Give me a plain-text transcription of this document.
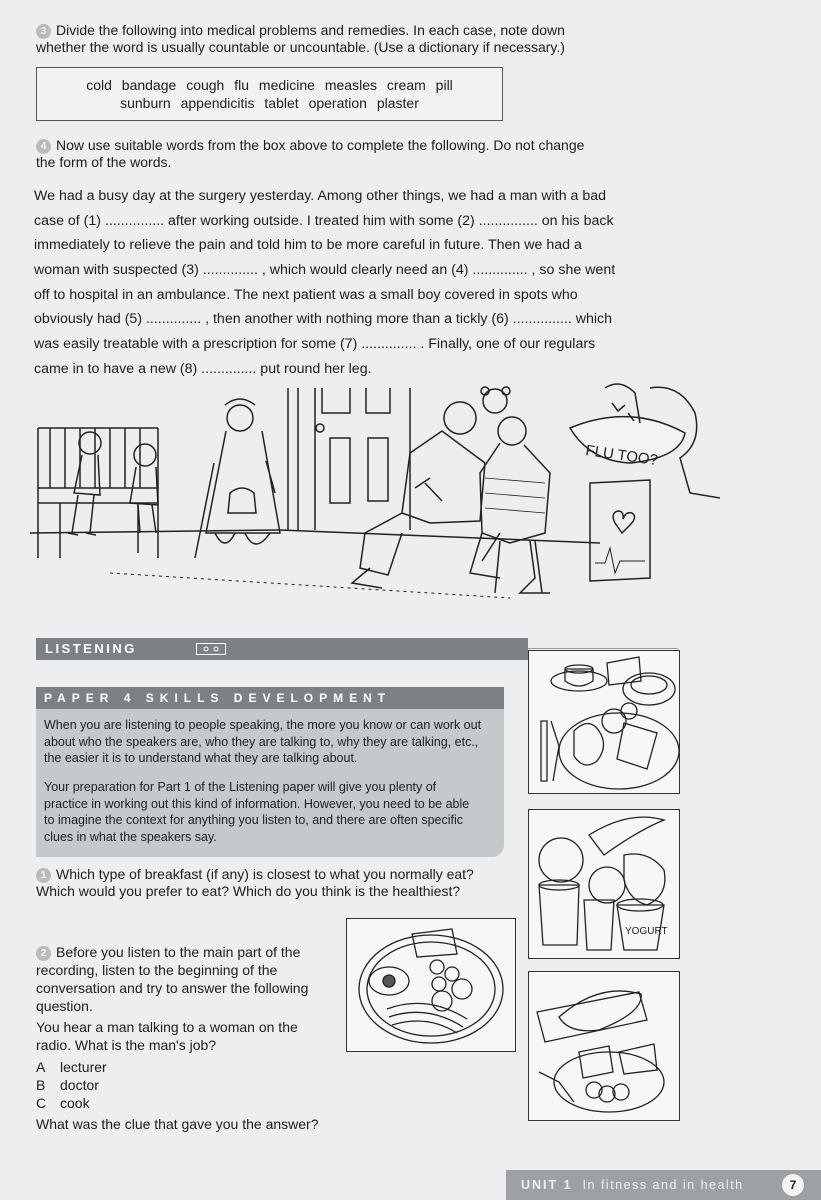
3 Divide the following into medical problems and remedies. In each case, note down
whether the word is usually countable or uncountable. (Use a dictionary if necessary.)
cold bandage cough flu medicine measles cream pill
sunburn appendicitis tablet operation plaster
4 Now use suitable words from the box above to complete the following. Do not change
the form of the words.
We had a busy day at the surgery yesterday. Among other things, we had a man with a bad
case of (1) ............... after working outside. I treated him with some (2) ............... on his back
immediately to relieve the pain and told him to be more careful in future. Then we had a
woman with suspected (3) .............. , which would clearly need an (4) .............. , so she went
off to hospital in an ambulance. The next patient was a small boy covered in spots who
obviously had (5) .............. , then another with nothing more than a tickly (6) ............... which
was easily treatable with a prescription for some (7) .............. . Finally, one of our regulars
came in to have a new (8) .............. put round her leg.
FLU TOO?
LISTENING
PAPER 4 SKILLS DEVELOPMENT
When you are listening to people speaking, the more you know or can work out
about who the speakers are, who they are talking to, why they are talking, etc.,
the easier it is to understand what they are talking about.
Your preparation for Part 1 of the Listening paper will give you plenty of
practice in working out this kind of information. However, you need to be able
to imagine the context for anything you listen to, and there are often specific
clues in what the speakers say.
1 Which type of breakfast (if any) is closest to what you normally eat?
Which would you prefer to eat? Which do you think is the healthiest?
2 Before you listen to the main part of the
recording, listen to the beginning of the
conversation and try to answer the following
question.
You hear a man talking to a woman on the
radio. What is the man's job?
A lecturer
B doctor
C cook
What was the clue that gave you the answer?
YOGURT
UNIT 1 In fitness and in health	7
